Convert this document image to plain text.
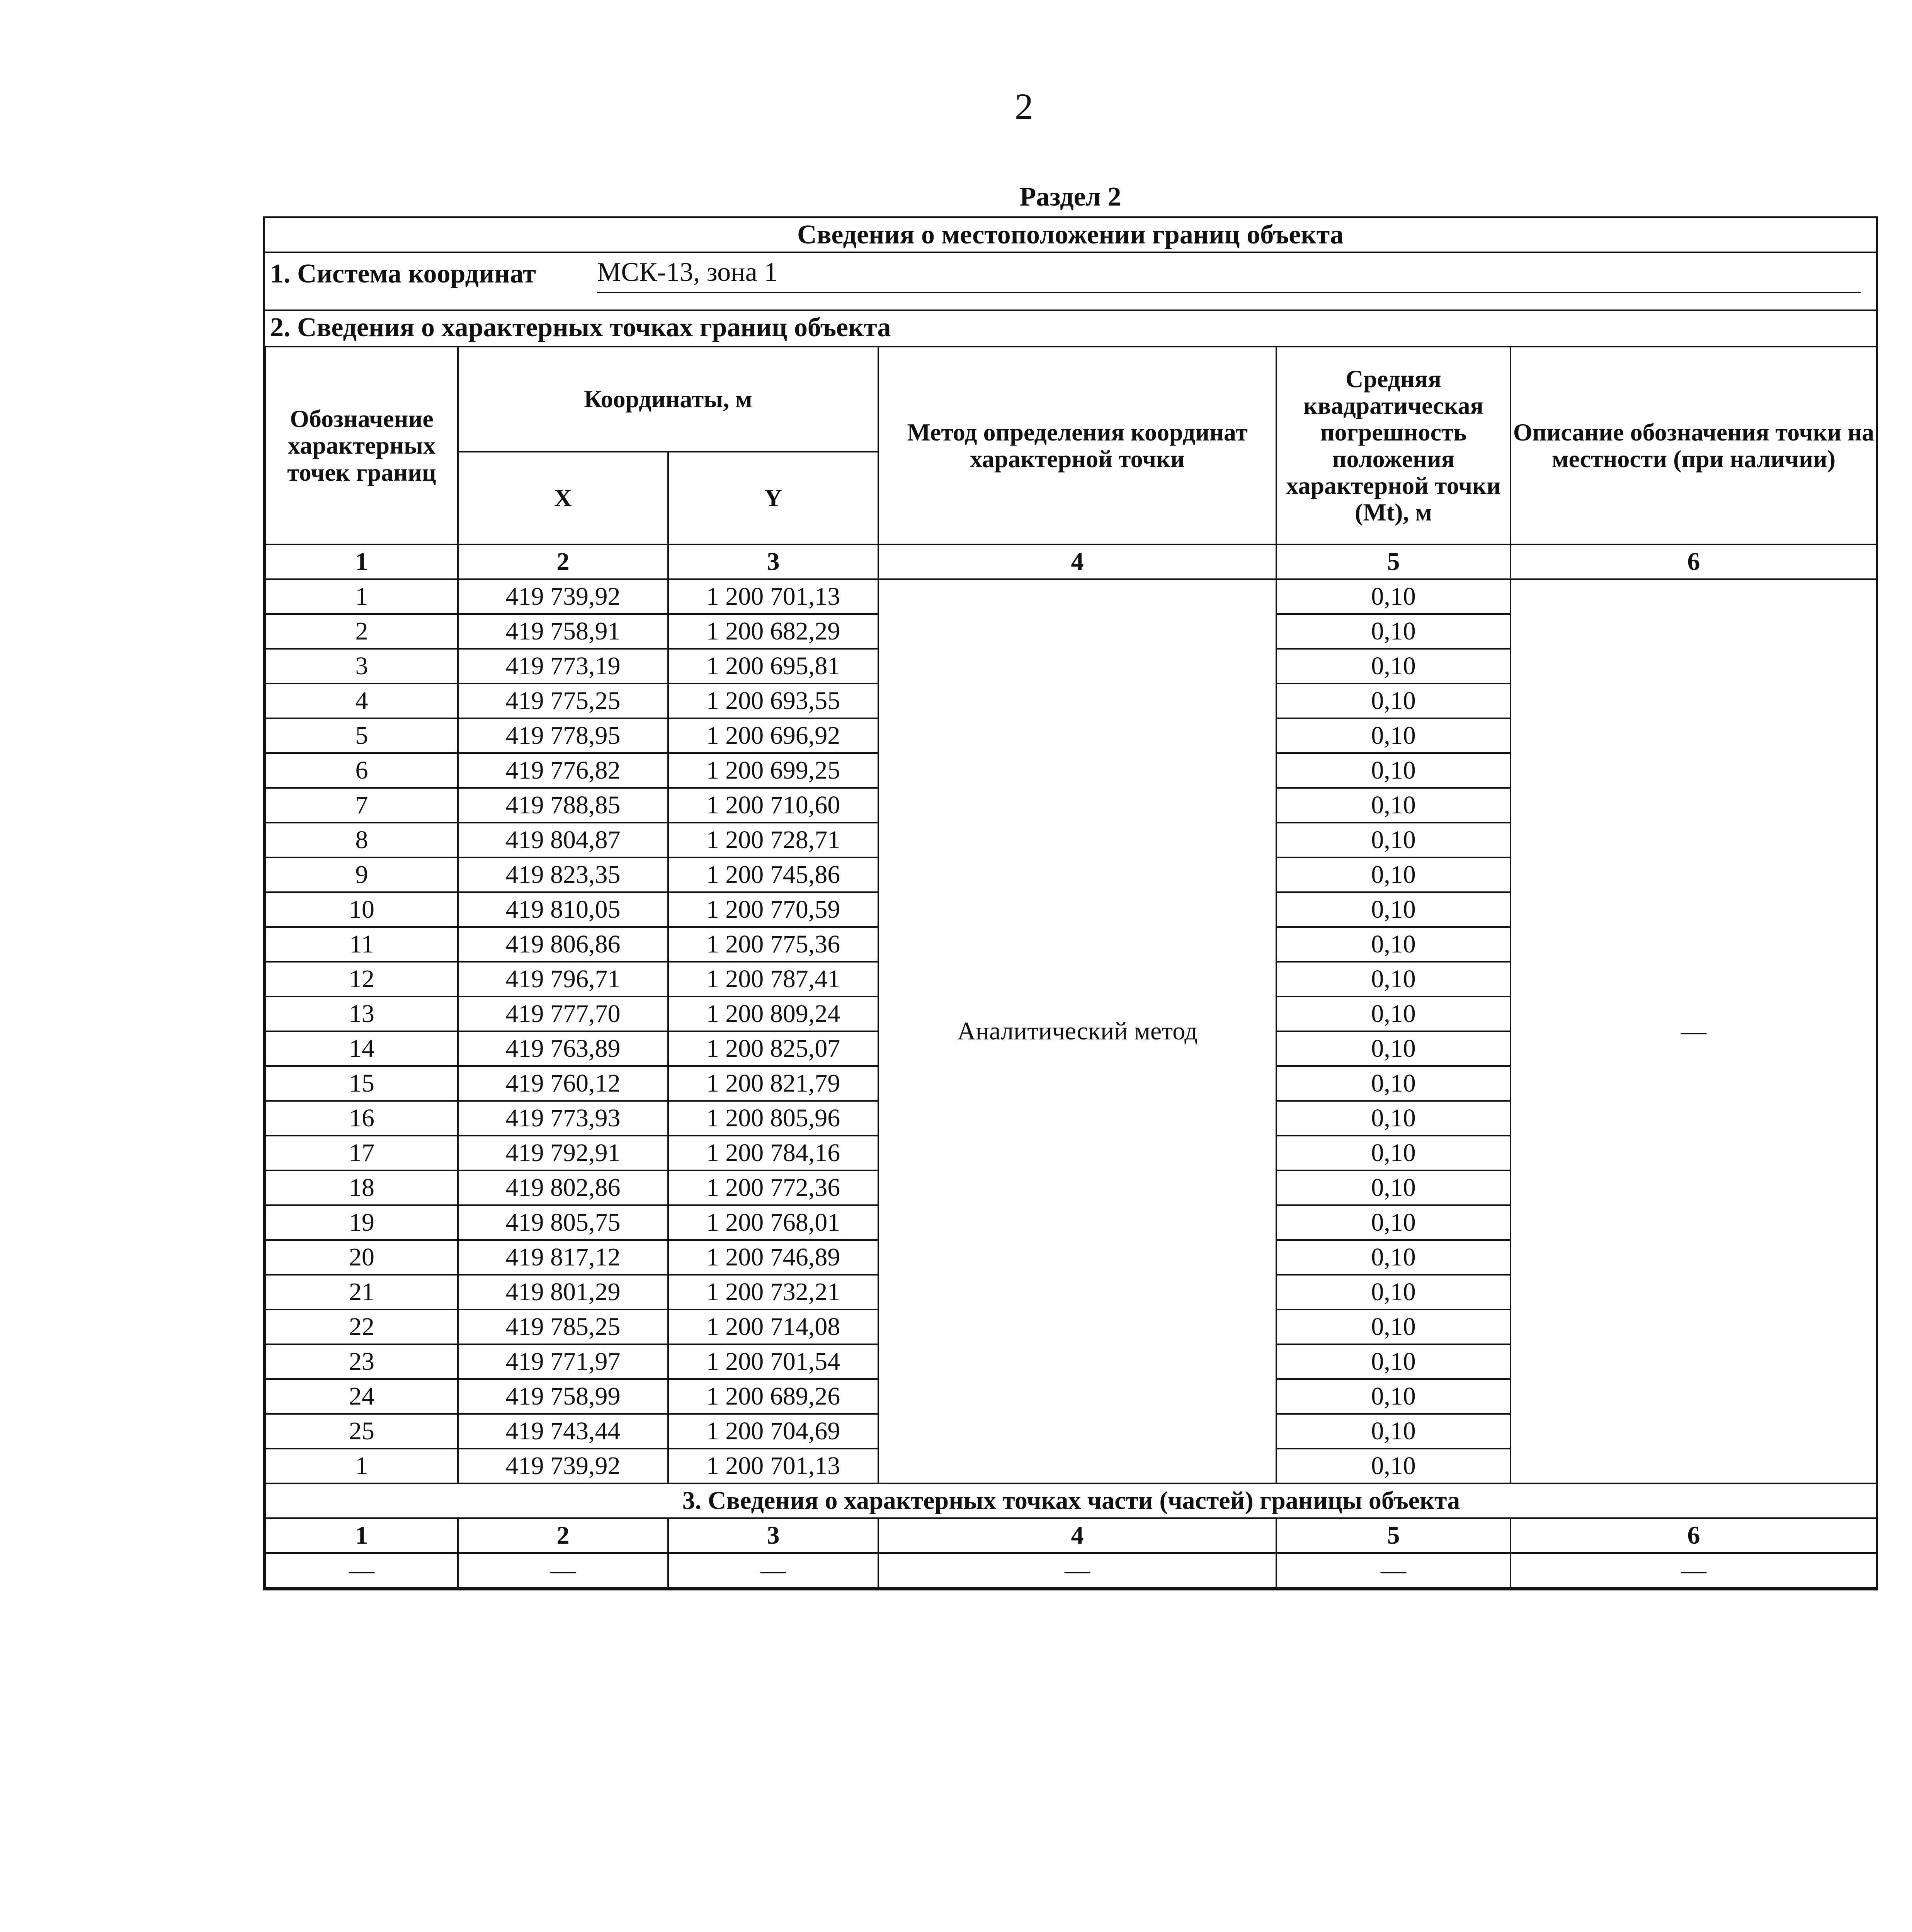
2
Раздел 2
Сведения о местоположении границ объекта
1. Система координат МСК-13, зона 1
2. Сведения о характерных точках границ объекта
Обозначение характерных точек границ	Координаты, м		Метод определения координат характерной точки	Средняя квадратическая погрешность положения характерной точки (Mt), м	Описание обозначения точки на местности (при наличии)
	X	Y			
1	2	3	4	5	6
1	419 739,92	1 200 701,13	Аналитический метод	0,10	—
2	419 758,91	1 200 682,29		0,10	
3	419 773,19	1 200 695,81		0,10	
4	419 775,25	1 200 693,55		0,10	
5	419 778,95	1 200 696,92		0,10	
6	419 776,82	1 200 699,25		0,10	
7	419 788,85	1 200 710,60		0,10	
8	419 804,87	1 200 728,71		0,10	
9	419 823,35	1 200 745,86		0,10	
10	419 810,05	1 200 770,59		0,10	
11	419 806,86	1 200 775,36		0,10	
12	419 796,71	1 200 787,41		0,10	
13	419 777,70	1 200 809,24		0,10	
14	419 763,89	1 200 825,07		0,10	
15	419 760,12	1 200 821,79		0,10	
16	419 773,93	1 200 805,96		0,10	
17	419 792,91	1 200 784,16		0,10	
18	419 802,86	1 200 772,36		0,10	
19	419 805,75	1 200 768,01		0,10	
20	419 817,12	1 200 746,89		0,10	
21	419 801,29	1 200 732,21		0,10	
22	419 785,25	1 200 714,08		0,10	
23	419 771,97	1 200 701,54		0,10	
24	419 758,99	1 200 689,26		0,10	
25	419 743,44	1 200 704,69		0,10	
1	419 739,92	1 200 701,13		0,10	
3. Сведения о характерных точках части (частей) границы объекта					
1	2	3	4	5	6
—	—	—	—	—	—
